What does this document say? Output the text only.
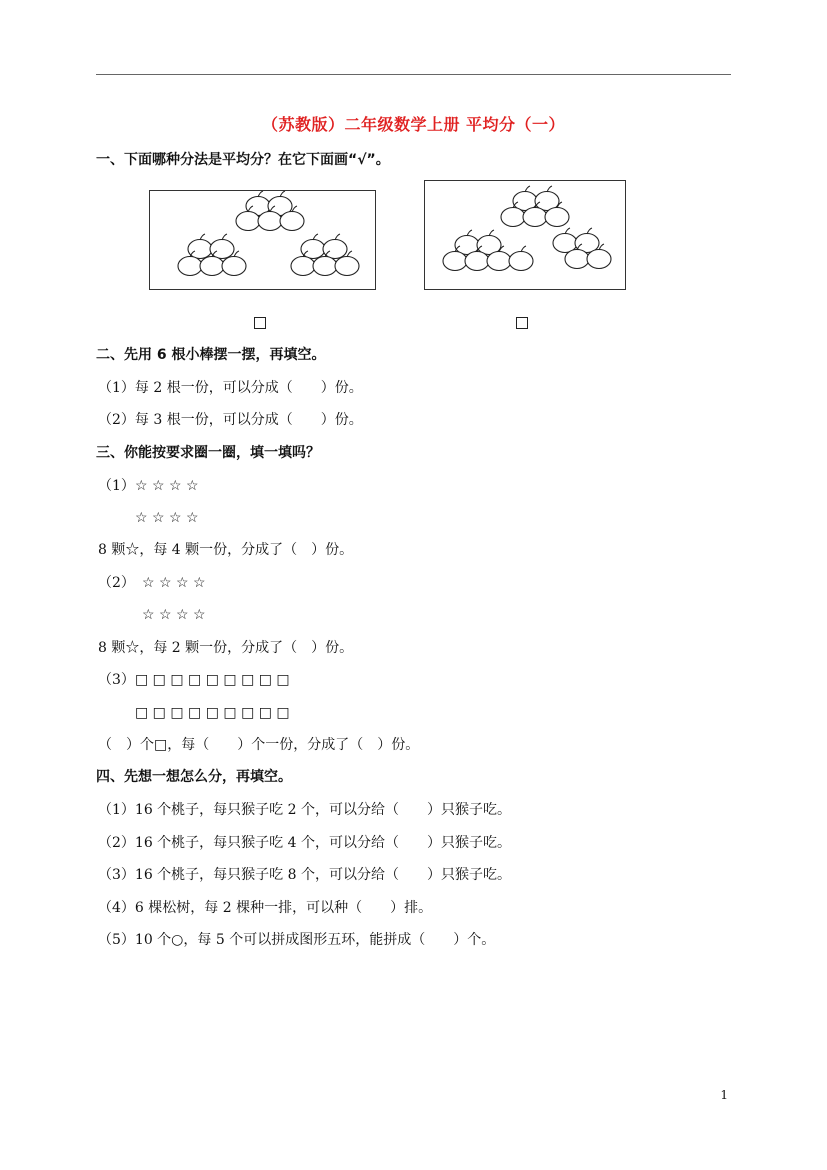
（苏教版）二年级数学上册 平均分（一）
一、下面哪种分法是平均分？在它下面画“√”。
二、先用 6 根小棒摆一摆，再填空。
（1）每 2 根一份，可以分成（　　）份。
（2）每 3 根一份，可以分成（　　）份。
三、你能按要求圈一圈，填一填吗？
（1） ☆ ☆ ☆ ☆
☆ ☆ ☆ ☆
8 颗☆，每 4 颗一份，分成了（　）份。
（2） ☆ ☆ ☆ ☆
☆ ☆ ☆ ☆
8 颗☆，每 2 颗一份，分成了（　）份。
（3） □ □ □ □ □ □ □ □ □
□ □ □ □ □ □ □ □ □
（　）个□，每（　　）个一份，分成了（　）份。
四、先想一想怎么分，再填空。
（1）16 个桃子，每只猴子吃 2 个，可以分给（　　）只猴子吃。
（2）16 个桃子，每只猴子吃 4 个，可以分给（　　）只猴子吃。
（3）16 个桃子，每只猴子吃 8 个，可以分给（　　）只猴子吃。
（4）6 棵松树，每 2 棵种一排，可以种（　　）排。
（5）10 个○，每 5 个可以拼成图形五环，能拼成（　　）个。
1
